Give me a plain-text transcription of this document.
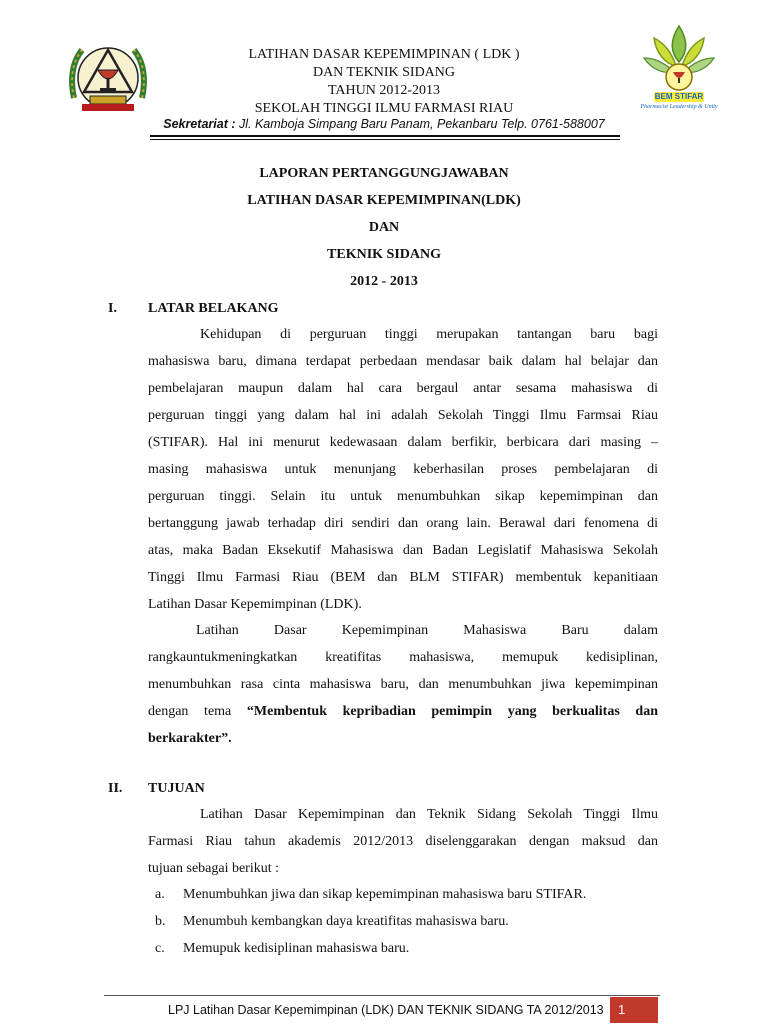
BEM STIFAR
Pharmacist Leadership & Unity
LATIHAN DASAR KEPEMIMPINAN ( LDK )
DAN TEKNIK SIDANG
TAHUN 2012-2013
SEKOLAH TINGGI ILMU FARMASI RIAU
Sekretariat : Jl. Kamboja Simpang Baru Panam, Pekanbaru Telp. 0761-588007
LAPORAN PERTANGGUNGJAWABAN
LATIHAN DASAR KEPEMIMPINAN(LDK)
DAN
TEKNIK SIDANG
2012 - 2013
I. LATAR BELAKANG
Kehidupan di perguruan tinggi merupakan tantangan baru bagi
mahasiswa baru, dimana terdapat perbedaan mendasar baik dalam hal belajar dan
pembelajaran maupun dalam hal cara bergaul antar sesama mahasiswa di
perguruan tinggi yang dalam hal ini adalah Sekolah Tinggi Ilmu Farmsai Riau
(STIFAR). Hal ini menurut kedewasaan dalam berfikir, berbicara dari masing –
masing mahasiswa untuk menunjang keberhasilan proses pembelajaran di
perguruan tinggi. Selain itu untuk menumbuhkan sikap kepemimpinan dan
bertanggung jawab terhadap diri sendiri dan orang lain. Berawal dari fenomena di
atas, maka Badan Eksekutif Mahasiswa dan Badan Legislatif Mahasiswa Sekolah
Tinggi Ilmu Farmasi Riau (BEM dan BLM STIFAR) membentuk kepanitiaan
Latihan Dasar Kepemimpinan (LDK).
Latihan Dasar Kepemimpinan Mahasiswa Baru dalam
rangkauntukmeningkatkan kreatifitas mahasiswa, memupuk kedisiplinan,
menumbuhkan rasa cinta mahasiswa baru, dan menumbuhkan jiwa kepemimpinan
dengan tema “Membentuk kepribadian pemimpin yang berkualitas dan
berkarakter”.
II. TUJUAN
Latihan Dasar Kepemimpinan dan Teknik Sidang Sekolah Tinggi Ilmu
Farmasi Riau tahun akademis 2012/2013 diselenggarakan dengan maksud dan
tujuan sebagai berikut :
a. Menumbuhkan jiwa dan sikap kepemimpinan mahasiswa baru STIFAR.
b. Menumbuh kembangkan daya kreatifitas mahasiswa baru.
c. Memupuk kedisiplinan mahasiswa baru.
LPJ Latihan Dasar Kepemimpinan (LDK) DAN TEKNIK SIDANG TA 2012/2013	1
